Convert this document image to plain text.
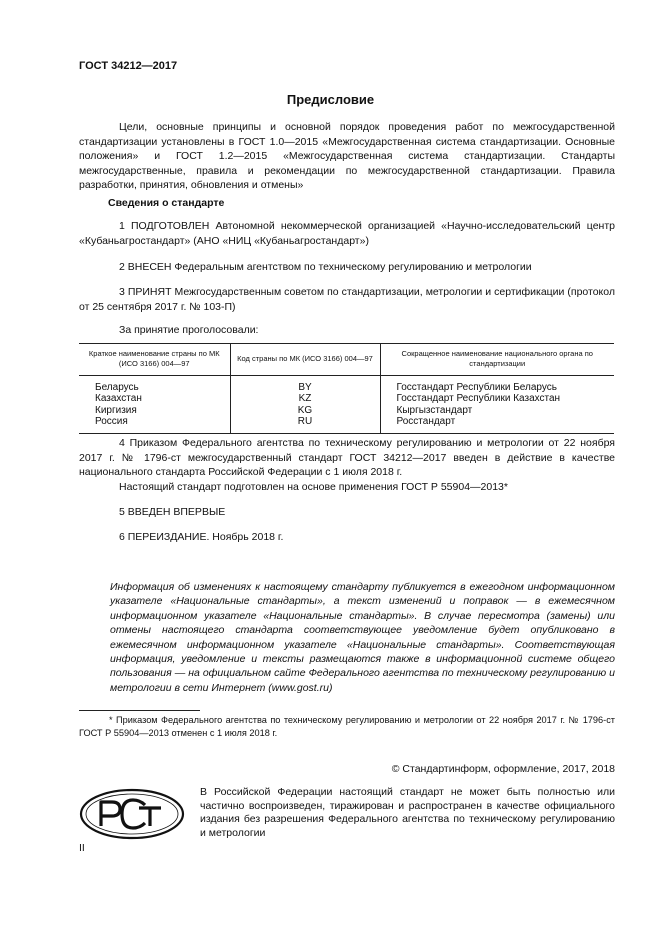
ГОСТ 34212—2017
Предисловие
Цели, основные принципы и основной порядок проведения работ по межгосударственной стандартизации установлены в ГОСТ 1.0—2015 «Межгосударственная система стандартизации. Основные положения» и ГОСТ 1.2—2015 «Межгосударственная система стандартизации. Стандарты межгосударственные, правила и рекомендации по межгосударственной стандартизации. Правила разработки, принятия, обновления и отмены»
Сведения о стандарте
1 ПОДГОТОВЛЕН Автономной некоммерческой организацией «Научно-исследовательский центр «Кубаньагростандарт» (АНО «НИЦ «Кубаньагростандарт»)
2 ВНЕСЕН Федеральным агентством по техническому регулированию и метрологии
3 ПРИНЯТ Межгосударственным советом по стандартизации, метрологии и сертификации (протокол от 25 сентября 2017 г. № 103-П)
За принятие проголосовали:
Краткое наименование страны по МК (ИСО 3166) 004—97	Код страны по МК (ИСО 3166) 004—97	Сокращенное наименование национального органа по стандартизации
Беларусь	BY	Госстандарт Республики Беларусь
Казахстан	KZ	Госстандарт Республики Казахстан
Киргизия	KG	Кыргызстандарт
Россия	RU	Росстандарт
4 Приказом Федерального агентства по техническому регулированию и метрологии от 22 ноября 2017 г. № 1796-ст межгосударственный стандарт ГОСТ 34212—2017 введен в действие в качестве национального стандарта Российской Федерации с 1 июля 2018 г.
Настоящий стандарт подготовлен на основе применения ГОСТ Р 55904—2013*
5 ВВЕДЕН ВПЕРВЫЕ
6 ПЕРЕИЗДАНИЕ. Ноябрь 2018 г.
Информация об изменениях к настоящему стандарту публикуется в ежегодном информационном указателе «Национальные стандарты», а текст изменений и поправок — в ежемесячном информационном указателе «Национальные стандарты». В случае пересмотра (замены) или отмены настоящего стандарта соответствующее уведомление будет опубликовано в ежемесячном информационном указателе «Национальные стандарты». Соответствующая информация, уведомление и тексты размещаются также в информационной системе общего пользования — на официальном сайте Федерального агентства по техническому регулированию и метрологии в сети Интернет (www.gost.ru)
* Приказом Федерального агентства по техническому регулированию и метрологии от 22 ноября 2017 г. № 1796-ст ГОСТ Р 55904—2013 отменен с 1 июля 2018 г.
© Стандартинформ, оформление, 2017, 2018
В Российской Федерации настоящий стандарт не может быть полностью или частично воспроизведен, тиражирован и распространен в качестве официального издания без разрешения Федерального агентства по техническому регулированию и метрологии
II
